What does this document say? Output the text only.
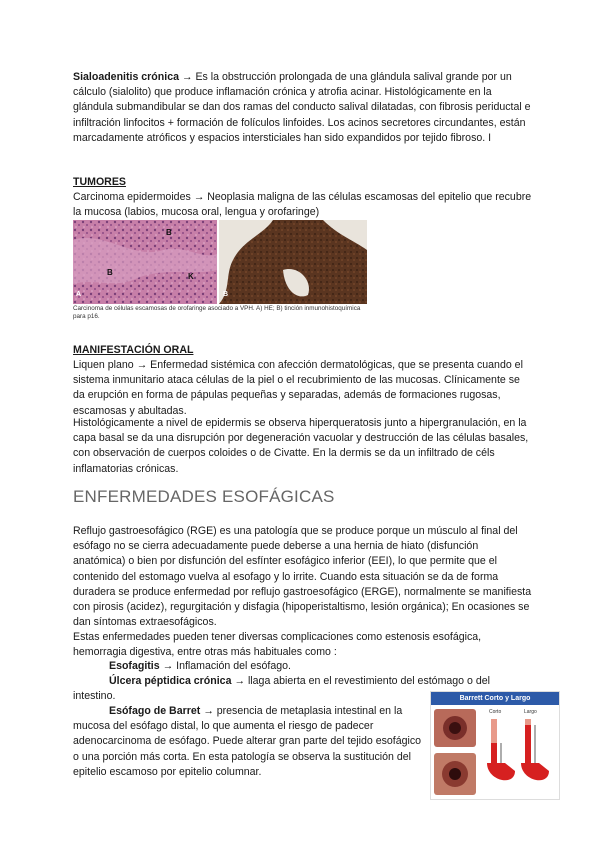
Sialoadenitis crónica → Es la obstrucción prolongada de una glándula salival grande por un cálculo (sialolito) que produce inflamación crónica y atrofia acinar. Histológicamente en la glándula submandibular se dan dos ramas del conducto salival dilatadas, con fibrosis periductal e infiltración linfocitos + formación de folículos linfoides. Los acinos secretores circundantes, están marcadamente atróficos y espacios intersticiales han sido expandidos por tejido fibroso. I

TUMORES

Carcinoma epidermoides → Neoplasia maligna de las células escamosas del epitelio que recubre la mucosa (labios, mucosa oral, lengua y orofaringe)

B
B	K
A	B
Carcinoma de células escamosas de orofaringe asociado a VPH. A) HE; B) tinción inmunohistoquímica para p16.
MANIFESTACIÓN ORAL

Liquen plano → Enfermedad sistémica con afección dermatológicas, que se presenta cuando el sistema inmunitario ataca células de la piel o el recubrimiento de las mucosas. Clínicamente se da erupción en forma de pápulas pequeñas y separadas, además de formaciones rugosas, escamosas y abultadas.

Histológicamente a nivel de epidermis se observa hiperqueratosis junto a hipergranulación, en la capa basal se da una disrupción por degeneración vacuolar y destrucción de las células basales, con observación de cuerpos coloides o de Civatte. En la dermis se da un infiltrado de céls inflamatorias crónicas.

ENFERMEDADES ESOFÁGICAS

Reflujo gastroesofágico (RGE) es una patología que se produce porque un músculo al final del esófago no se cierra adecuadamente puede deberse a una hernia de hiato (disfunción anatómica) o bien por disfunción del esfínter esofágico inferior (EEI), lo que permite que el contenido del estomago vuelva al esofago y lo irrite. Cuando esta situación se da de forma duradera se produce enfermedad por reflujo gastroesofágico (ERGE), normalmente se manifiesta con pirosis (acidez), regurgitación y disfagia (hipoperistaltismo, lesión orgánica); En ocasiones se dan síntomas extraesofágicos.

Estas enfermedades pueden tener diversas complicaciones como estenosis esofágica, hemorragia digestiva, entre otras más habituales como :

Esofagitis → Inflamación del esófago.

Úlcera péptidica crónica → llaga abierta en el revestimiento del estómago o del intestino.

Esófago de Barret → presencia de metaplasia intestinal en la mucosa del esófago distal, lo que aumenta el riesgo de padecer adenocarcinoma de esófago. Puede alterar gran parte del tejido esofágico o una porción más corta. En esta patología se observa la sustitución del epitelio escamoso por epitelio columnar.

Barrett Corto y Largo
Corto	Largo
